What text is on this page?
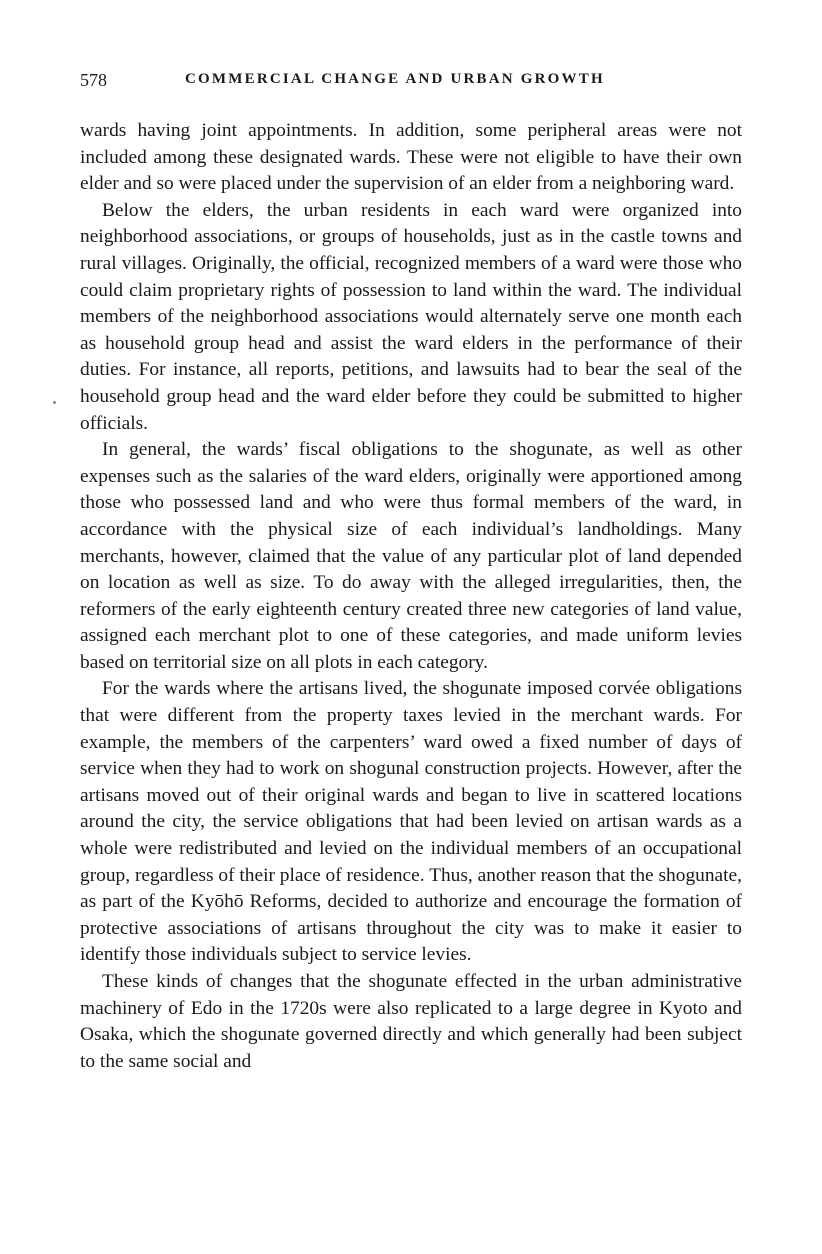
578	COMMERCIAL CHANGE AND URBAN GROWTH

wards having joint appointments. In addition, some peripheral areas were not included among these designated wards. These were not eligible to have their own elder and so were placed under the supervision of an elder from a neighboring ward.

Below the elders, the urban residents in each ward were organized into neighborhood associations, or groups of households, just as in the castle towns and rural villages. Originally, the official, recognized members of a ward were those who could claim proprietary rights of possession to land within the ward. The individual members of the neighborhood associations would alternately serve one month each as household group head and assist the ward elders in the performance of their duties. For instance, all reports, petitions, and lawsuits had to bear the seal of the household group head and the ward elder before they could be submitted to higher officials.

In general, the wards’ fiscal obligations to the shogunate, as well as other expenses such as the salaries of the ward elders, originally were apportioned among those who possessed land and who were thus formal members of the ward, in accordance with the physical size of each individual’s landholdings. Many merchants, however, claimed that the value of any particular plot of land depended on location as well as size. To do away with the alleged irregularities, then, the reformers of the early eighteenth century created three new categories of land value, assigned each merchant plot to one of these categories, and made uniform levies based on territorial size on all plots in each category.

For the wards where the artisans lived, the shogunate imposed corvée obligations that were different from the property taxes levied in the merchant wards. For example, the members of the carpenters’ ward owed a fixed number of days of service when they had to work on shogunal construction projects. However, after the artisans moved out of their original wards and began to live in scattered locations around the city, the service obligations that had been levied on artisan wards as a whole were redistributed and levied on the individual members of an occupational group, regardless of their place of residence. Thus, another reason that the shogunate, as part of the Kyōhō Reforms, decided to authorize and encourage the formation of protective associations of artisans throughout the city was to make it easier to identify those individuals subject to service levies.

These kinds of changes that the shogunate effected in the urban administrative machinery of Edo in the 1720s were also replicated to a large degree in Kyoto and Osaka, which the shogunate governed directly and which generally had been subject to the same social and
